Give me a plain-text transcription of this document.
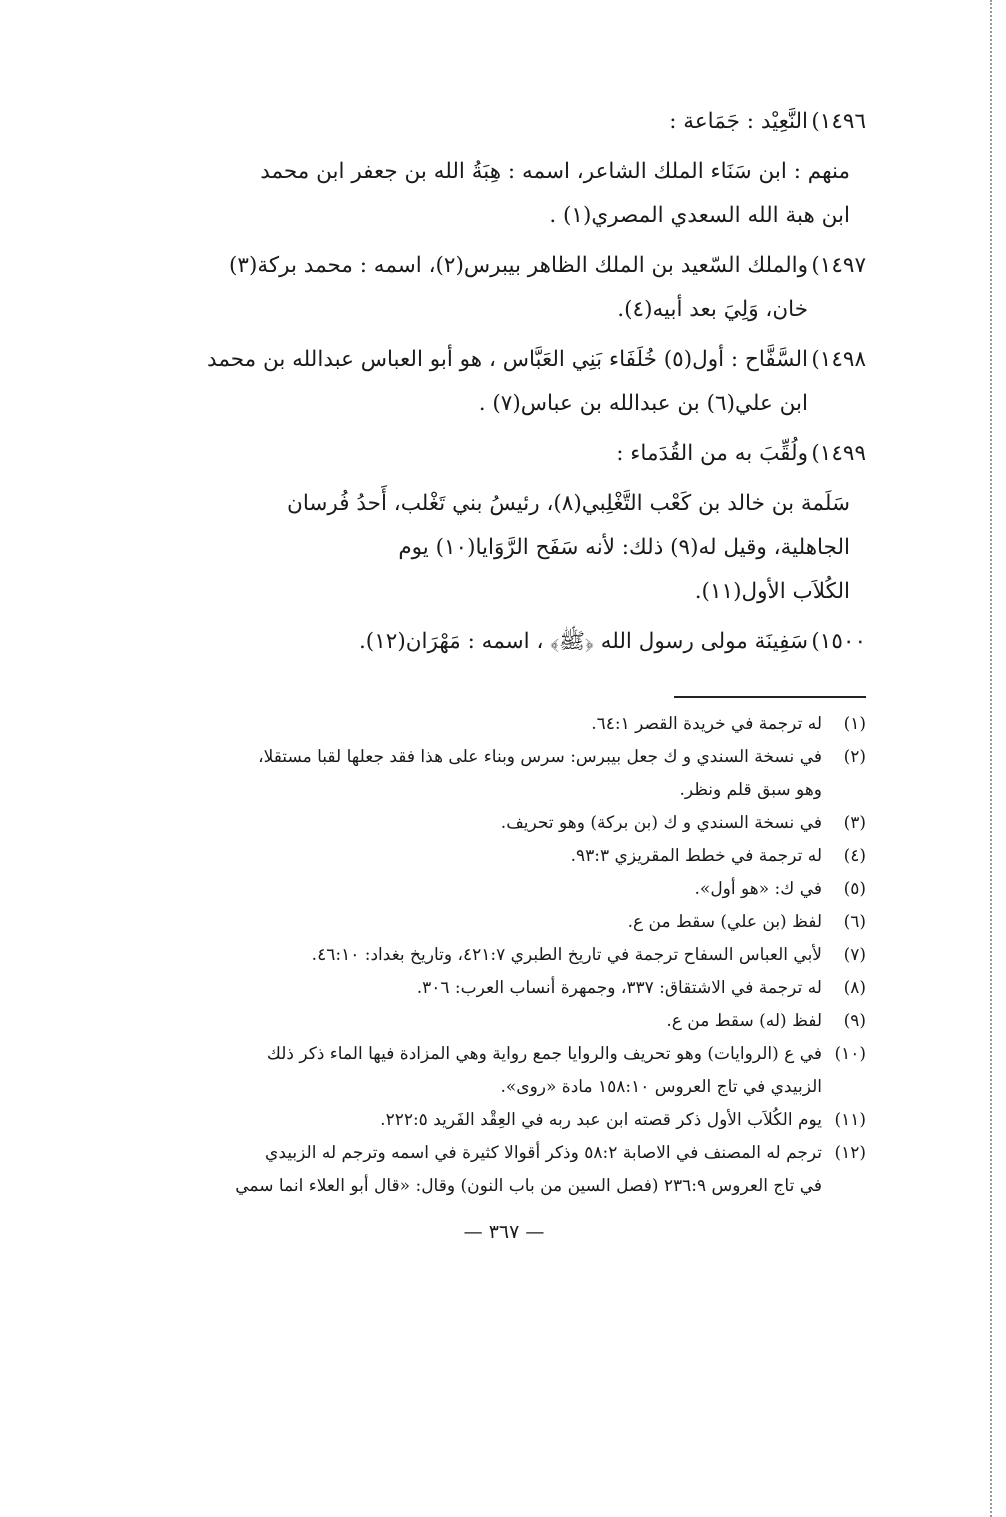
١٤٩٦)
النَّعِيْد : جَمَاعة :
منهم : ابن سَنَاء الملك الشاعر، اسمه : هِبَةُ الله بن جعفر ابن محمد
ابن هبة الله السعدي المصري(١) .
١٤٩٧)
والملك السّعيد بن الملك الظاهر بيبرس(٢)، اسمه : محمد بركة(٣)
خان، وَلِيَ بعد أبيه(٤).
١٤٩٨)
السَّفَّاح : أول(٥) خُلَفَاء بَنِي العَبَّاس ، هو أبو العباس عبدالله بن محمد
ابن علي(٦) بن عبدالله بن عباس(٧) .
١٤٩٩)
ولُقِّبَ به من القُدَماء :
سَلَمة بن خالد بن كَعْب التَّغْلِبي(٨)، رئيسُ بني تَغْلب، أَحدُ فُرسان
الجاهلية، وقيل له(٩) ذلك: لأنه سَفَح الرَّوَايا(١٠) يوم
الكُلاَب الأول(١١).
١٥٠٠)
سَفِينَة مولى رسول الله ﴿ﷺ﴾ ، اسمه : مَهْرَان(١٢).
(١)
له ترجمة في خريدة القصر ٦٤:١.
(٢)
في نسخة السندي و ك جعل بيبرس: سرس وبناء على هذا فقد جعلها لقبا مستقلا،
وهو سبق قلم ونظر.
(٣)
في نسخة السندي و ك (بن بركة) وهو تحريف.
(٤)
له ترجمة في خطط المقريزي ٩٣:٣.
(٥)
في ك: «هو أول».
(٦)
لفظ (بن علي) سقط من ع.
(٧)
لأبي العباس السفاح ترجمة في تاريخ الطبري ٤٢١:٧، وتاريخ بغداد: ٤٦:١٠.
(٨)
له ترجمة في الاشتقاق: ٣٣٧، وجمهرة أنساب العرب: ٣٠٦.
(٩)
لفظ (له) سقط من ع.
(١٠)
في ع (الروايات) وهو تحريف والروايا جمع رواية وهي المزادة فيها الماء ذكر ذلك
الزبيدي في تاج العروس ١٥٨:١٠ مادة «روى».
(١١)
يوم الكُلاَب الأول ذكر قصته ابن عبد ربه في العِقْد الفَريد ٢٢٢:٥.
(١٢)
ترجم له المصنف في الاصابة ٥٨:٢ وذكر أقوالا كثيرة في اسمه وترجم له الزبيدي
في تاج العروس ٢٣٦:٩ (فصل السين من باب النون) وقال: «قال أبو العلاء انما سمي
— ٣٦٧ —
